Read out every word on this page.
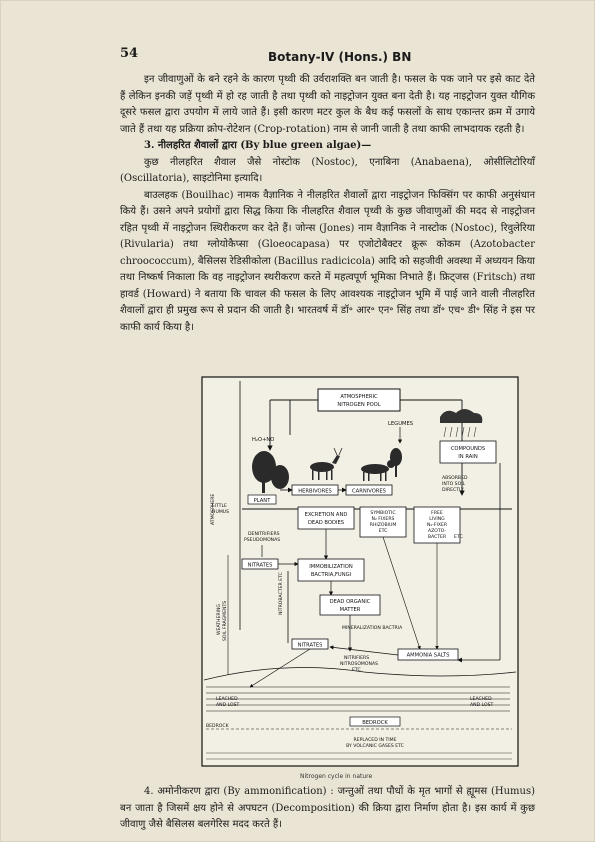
54	Botany-IV (Hons.) BN

इन जीवाणुओं के बने रहने के कारण पृथ्वी की उर्वराशक्ति बन जाती है। फसल के पक जाने पर इसे काट देते हैं लेकिन इनकी जड़ें पृथ्वी में हो रह जाती है तथा पृथ्वी को नाइट्रोजन युक्त बना देती है। यह नाइट्रोजन युक्त यौगिक दूसरे फसल द्वारा उपयोग में लाये जाते हैं। इसी कारण मटर कुल के बैध कई फसलों के साथ एकान्तर क्रम में उगाये जाते हैं तथा यह प्रक्रिया क्रोप-रोटेशन (Crop-rotation) नाम से जानी जाती है तथा काफी लाभदायक रहती है।

3. नीलहरित शैवालों द्वारा (By blue green algae)—

कुछ नीलहरित शैवाल जैसे नोस्टोक (Nostoc), एनाबिना (Anabaena), ओसीलिटोरियाँ (Oscillatoria), साइटोनिमा इत्यादि।

बाउलहक (Bouilhac) नामक वैज्ञानिक ने नीलहरित शैवालों द्वारा नाइट्रोजन फिक्सिंग पर काफी अनुसंधान किये हैं। उसने अपने प्रयोगों द्वारा सिद्ध किया कि नीलहरित शैवाल पृथ्वी के कुछ जीवाणुओं की मदद से नाइट्रोजन रहित पृथ्वी में नाइट्रोजन स्थिरीकरण कर देते हैं। जोन्स (Jones) नाम वैज्ञानिक ने नास्टोक (Nostoc), रिवुलेरिया (Rivularia) तथा ग्लोयोकैप्सा (Gloeocapasa) पर एजोटोबैक्टर क्रूरू कोकम (Azotobacter chroococcum), बैसिलस रेडिसीकोला (Bacillus radicicola) आदि को सहजीवी अवस्था में अध्ययन किया तथा निष्कर्ष निकाला कि वह नाइट्रोजन स्थरीकरण करते में महत्वपूर्ण भूमिका निभाते हैं। फ्रिट्जस (Fritsch) तथा हावर्ड (Howard) ने बताया कि चावल की फसल के लिए आवश्यक नाइट्रोजन भूमि में पाई जाने वाली नीलहरित शैवालों द्वारा ही प्रमुख रूप से प्रदान की जाती है। भारतवर्ष में डॉ॰ आर॰ एन॰ सिंह तथा डॉ॰ एच॰ डी॰ सिंह ने इस पर काफी कार्य किया है।

ATMOSPHERIC
NITROGEN POOL
H₂O+NO
ATMOSPHERE
LEGUMES
COMPOUNDS
IN RAIN
HERBIVORES	CARNIVORES
ABSORBED
INTO SOIL
DIRECTLY
PLANT
EXCRETION AND
DEAD BODIES
SYMBIOTIC
N₂ FIXERS
RHIZOBIUM
ETC
FREE
LIVING
N₂-FIXER
AZOTO-
BACTER ETC
LITTLE
HUMUS
DENITRIFIERS
PSEUDOMONAS
NITRATES	IMMOBILIZATION
BACTRIA,FUNGI
NITROBACTER ETC	DEAD ORGANIC
MATTER
MINERALIZATION BACTRIA
NITRATES
NITRIFIERS
NITROSOMONAS
ETC
AMMONIA SALTS
WEATHERING SOIL FRAGMENTS
LEACHED
AND LOST
LEACHED
AND LOST
BEDROCK
BEDROCK
REPLACED IN TIME
BY VOLCANIC GASES ETC
Nitrogen cycle in nature

4. अमोनीकरण द्वारा (By ammonification) : जन्तुओं तथा पौधों के मृत भागों से ह्यूमस (Humus) बन जाता है जिसमें क्षय होने से अपघटन (Decomposition) की क्रिया द्वारा निर्माण होता है। इस कार्य में कुछ जीवाणु जैसे बैसिलस बलगेरिस मदद करते हैं।
